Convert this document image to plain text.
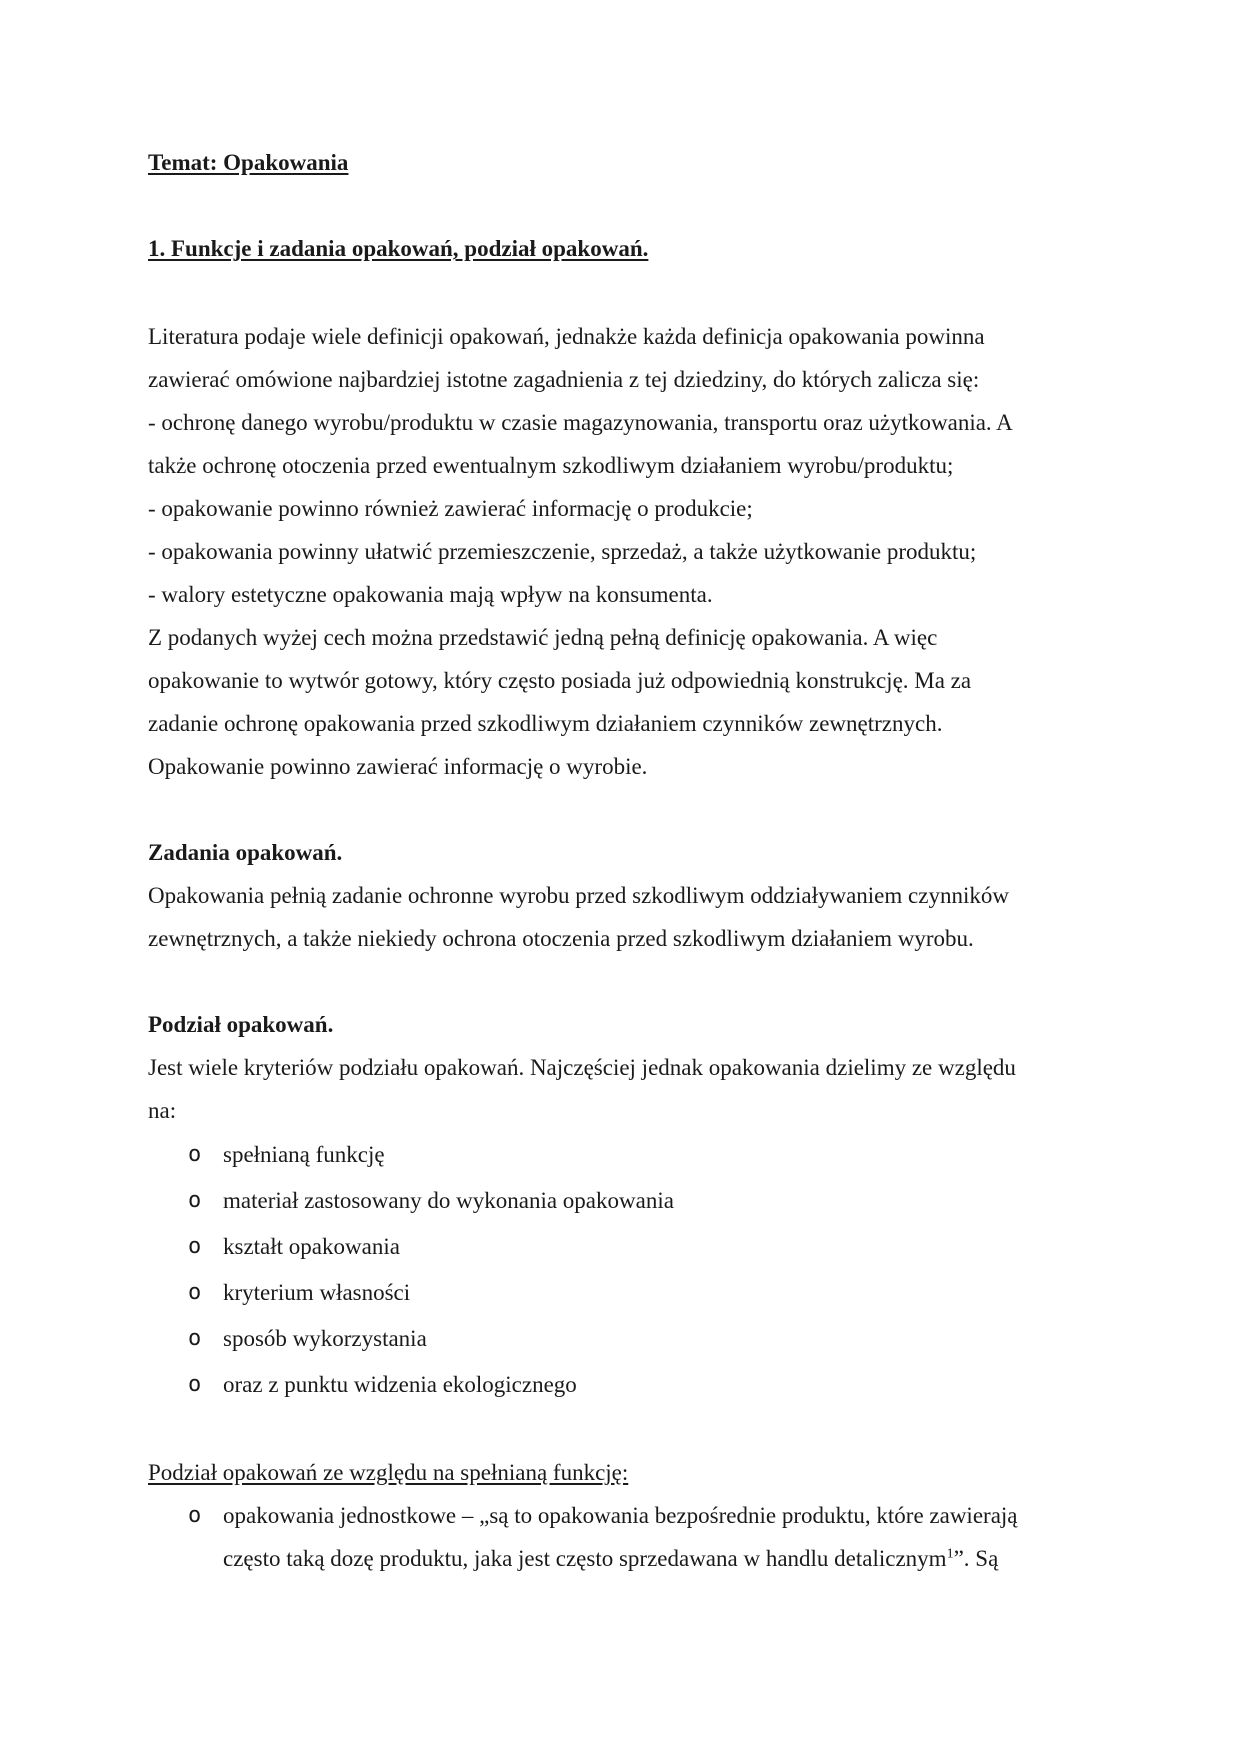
Temat: Opakowania

1. Funkcje i zadania opakowań, podział opakowań.

Literatura podaje wiele definicji opakowań, jednakże każda definicja opakowania powinna

zawierać omówione najbardziej istotne zagadnienia z tej dziedziny, do których zalicza się:

- ochronę danego wyrobu/produktu w czasie magazynowania, transportu oraz użytkowania. A

także ochronę otoczenia przed ewentualnym szkodliwym działaniem wyrobu/produktu;

- opakowanie powinno również zawierać informację o produkcie;

- opakowania powinny ułatwić przemieszczenie, sprzedaż, a także użytkowanie produktu;

- walory estetyczne opakowania mają wpływ na konsumenta.

Z podanych wyżej cech można przedstawić jedną pełną definicję opakowania. A więc

opakowanie to wytwór gotowy, który często posiada już odpowiednią konstrukcję. Ma za

zadanie ochronę opakowania przed szkodliwym działaniem czynników zewnętrznych.

Opakowanie powinno zawierać informację o wyrobie.

Zadania opakowań.

Opakowania pełnią zadanie ochronne wyrobu przed szkodliwym oddziaływaniem czynników

zewnętrznych, a także niekiedy ochrona otoczenia przed szkodliwym działaniem wyrobu.

Podział opakowań.

Jest wiele kryteriów podziału opakowań. Najczęściej jednak opakowania dzielimy ze względu

na:

o spełnianą funkcję
o materiał zastosowany do wykonania opakowania
o kształt opakowania
o kryterium własności
o sposób wykorzystania
o oraz z punktu widzenia ekologicznego

Podział opakowań ze względu na spełnianą funkcję:

o opakowania jednostkowe – „są to opakowania bezpośrednie produktu, które zawierają
często taką dozę produktu, jaka jest często sprzedawana w handlu detalicznym$^1$”. Są
